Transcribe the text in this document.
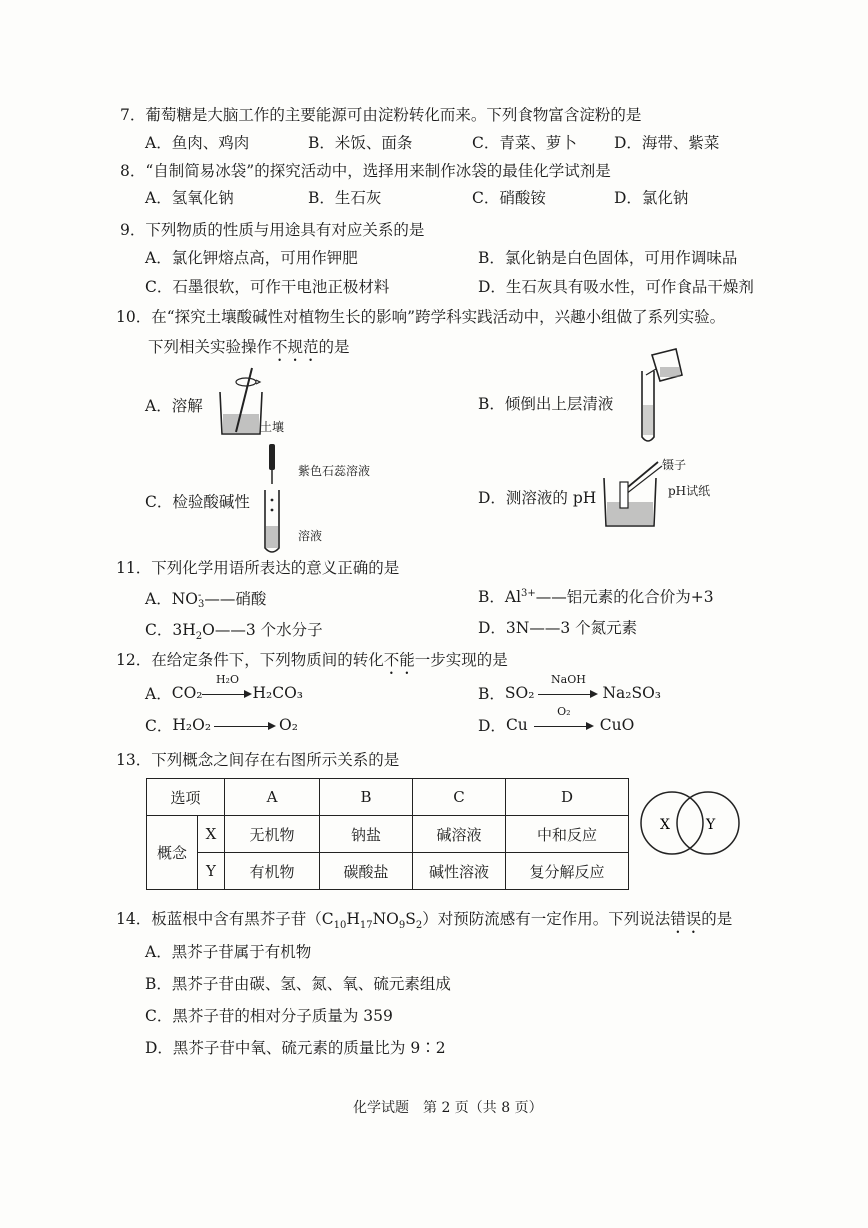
7．葡萄糖是大脑工作的主要能源可由淀粉转化而来。下列食物富含淀粉的是
A．鱼肉、鸡肉	B．米饭、面条	C．青菜、萝卜 D．海带、紫菜
8．“自制简易冰袋”的探究活动中，选择用来制作冰袋的最佳化学试剂是
A．氢氧化钠	B．生石灰	C．硝酸铵	D．氯化钠
9．下列物质的性质与用途具有对应关系的是
A．氯化钾熔点高，可用作钾肥	B．氯化钠是白色固体，可用作调味品
C．石墨很软，可作干电池正极材料	D．生石灰具有吸水性，可作食品干燥剂
10．在“探究土壤酸碱性对植物生长的影响”跨学科实践活动中，兴趣小组做了系列实验。
下列相关实验操作不规范的是
A．溶解
土壤
B．倾倒出上层清液
C．检验酸碱性
紫色石蕊溶液
溶液
D．测溶液的 pH
镊子
pH试纸
11．下列化学用语所表达的意义正确的是
A．NO -
3 ——硝酸	B．$Al^{3+}——$铝元素的化合价为+3
C．$3H_2O——3$ 个水分子	D．3N——3 个氮元素
12．在给定条件下，下列物质间的转化不能一步实现的是
A． CO₂
H₂O
H₂CO₃	B． SO₂
NaOH
Na₂SO₃
C． H₂O₂	O₂	D． Cu
O₂
CuO
13．下列概念之间存在右图所示关系的是
选项		A	B	C	D
概念	X	无机物	钠盐	碱溶液	中和反应
	Y	有机物	碳酸盐	碱性溶液	复分解反应
X	Y
14．板蓝根中含有黑芥子苷$(C_{10}H_{17}NO_9S_2)$对预防流感有一定作用。下列说法错误的是
A．黑芥子苷属于有机物
B．黑芥子苷由碳、氢、氮、氧、硫元素组成
C．黑芥子苷的相对分子质量为 359
D．黑芥子苷中氧、硫元素的质量比为 9∶2
化学试题　第 2 页（共 8 页）
